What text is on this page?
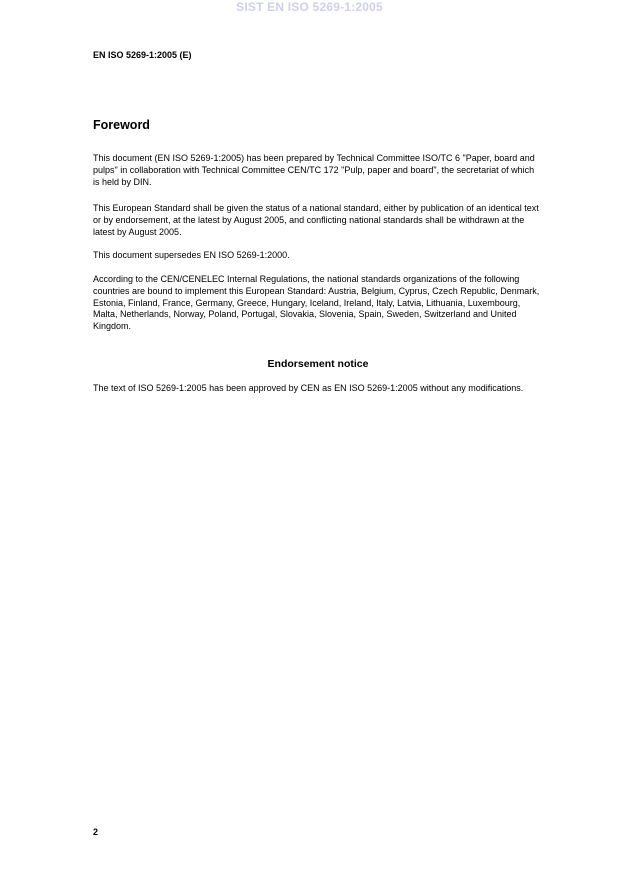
SIST EN ISO 5269-1:2005
EN ISO 5269-1:2005 (E)
Foreword

This document (EN ISO 5269-1:2005) has been prepared by Technical Committee ISO/TC 6 "Paper, board and pulps" in collaboration with Technical Committee CEN/TC 172 "Pulp, paper and board", the secretariat of which is held by DIN.

This European Standard shall be given the status of a national standard, either by publication of an identical text or by endorsement, at the latest by August 2005, and conflicting national standards shall be withdrawn at the latest by August 2005.

This document supersedes EN ISO 5269-1:2000.

According to the CEN/CENELEC Internal Regulations, the national standards organizations of the following countries are bound to implement this European Standard: Austria, Belgium, Cyprus, Czech Republic, Denmark, Estonia, Finland, France, Germany, Greece, Hungary, Iceland, Ireland, Italy, Latvia, Lithuania, Luxembourg, Malta, Netherlands, Norway, Poland, Portugal, Slovakia, Slovenia, Spain, Sweden, Switzerland and United Kingdom.

Endorsement notice

The text of ISO 5269-1:2005 has been approved by CEN as EN ISO 5269-1:2005 without any modifications.

2
